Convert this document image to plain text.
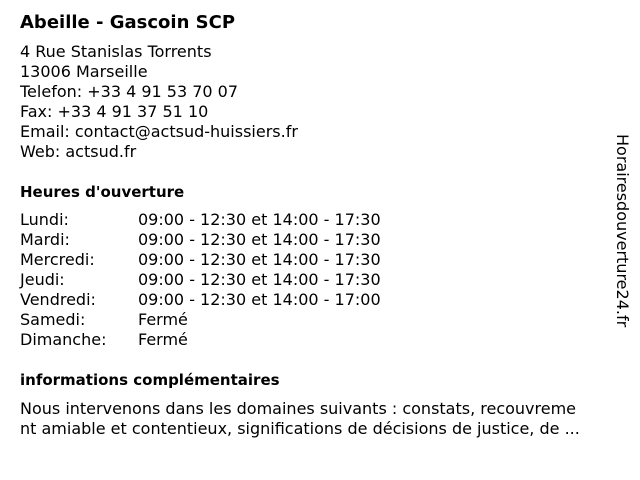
Abeille - Gascoin SCP
4 Rue Stanislas Torrents
13006 Marseille
Telefon: +33 4 91 53 70 07
Fax: +33 4 91 37 51 10
Email: contact@actsud-huissiers.fr
Web: actsud.fr
Heures d'ouverture
Lundi:	09:00 - 12:30 et 14:00 - 17:30
Mardi:	09:00 - 12:30 et 14:00 - 17:30
Mercredi:	09:00 - 12:30 et 14:00 - 17:30
Jeudi:	09:00 - 12:30 et 14:00 - 17:30
Vendredi:	09:00 - 12:30 et 14:00 - 17:00
Samedi:	Fermé
Dimanche:	Fermé
informations complémentaires
Nous intervenons dans les domaines suivants : constats, recouvreme
nt amiable et contentieux, significations de décisions de justice, de ...
Horairesdouverture24.fr
